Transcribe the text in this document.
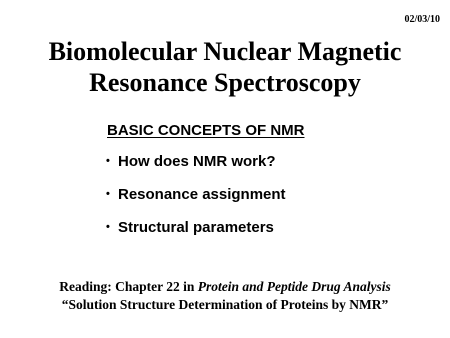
02/03/10
Biomolecular Nuclear Magnetic
Resonance Spectroscopy
BASIC CONCEPTS OF NMR
• How does NMR work?
• Resonance assignment
• Structural parameters
Reading: Chapter 22 in Protein and Peptide Drug Analysis
“Solution Structure Determination of Proteins by NMR”
